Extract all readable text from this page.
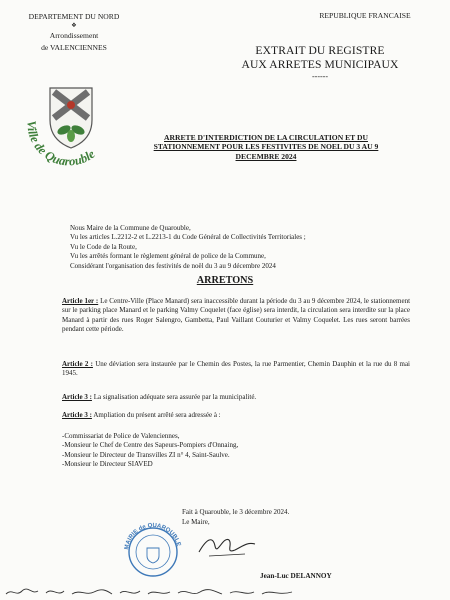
DEPARTEMENT DU NORD
❖
Arrondissement
de VALENCIENNES
REPUBLIQUE FRANCAISE
EXTRAIT DU REGISTRE
AUX ARRETES MUNICIPAUX
------
Ville de Quarouble
ARRETE D'INTERDICTION DE LA CIRCULATION ET DU STATIONNEMENT POUR LES FESTIVITES DE NOEL DU 3 AU 9 DECEMBRE 2024

Nous Maire de la Commune de Quarouble,

Vu les articles L.2212-2 et L.2213-1 du Code Général de Collectivités Territoriales ;

Vu le Code de la Route,

Vu les arrêtés formant le règlement général de police de la Commune,

Considérant l'organisation des festivités de noël du 3 au 9 décembre 2024

ARRETONS
Article 1er : Le Centre-Ville (Place Manard) sera inaccessible durant la période du 3 au 9 décembre 2024, le stationnement sur le parking place Manard et le parking Valmy Coquelet (face église) sera interdit, la circulation sera interdite sur la place Manard à partir des rues Roger Salengro, Gambetta, Paul Vaillant Couturier et Valmy Coquelet. Les rues seront barrées pendant cette période.
Article 2 : Une déviation sera instaurée par le Chemin des Postes, la rue Parmentier, Chemin Dauphin et la rue du 8 mai 1945.
Article 3 : La signalisation adéquate sera assurée par la municipalité.
Article 3 : Ampliation du présent arrêté sera adressée à :

-Commissariat de Police de Valenciennes,

-Monsieur le Chef de Centre des Sapeurs-Pompiers d'Onnaing,

-Monsieur le Directeur de Transvilles ZI n° 4, Saint-Saulve.

-Monsieur le Directeur SIAVED

Fait à Quarouble, le 3 décembre 2024.
Le Maire,
MAIRIE de QUAROUBLE
Jean-Luc DELANNOY
